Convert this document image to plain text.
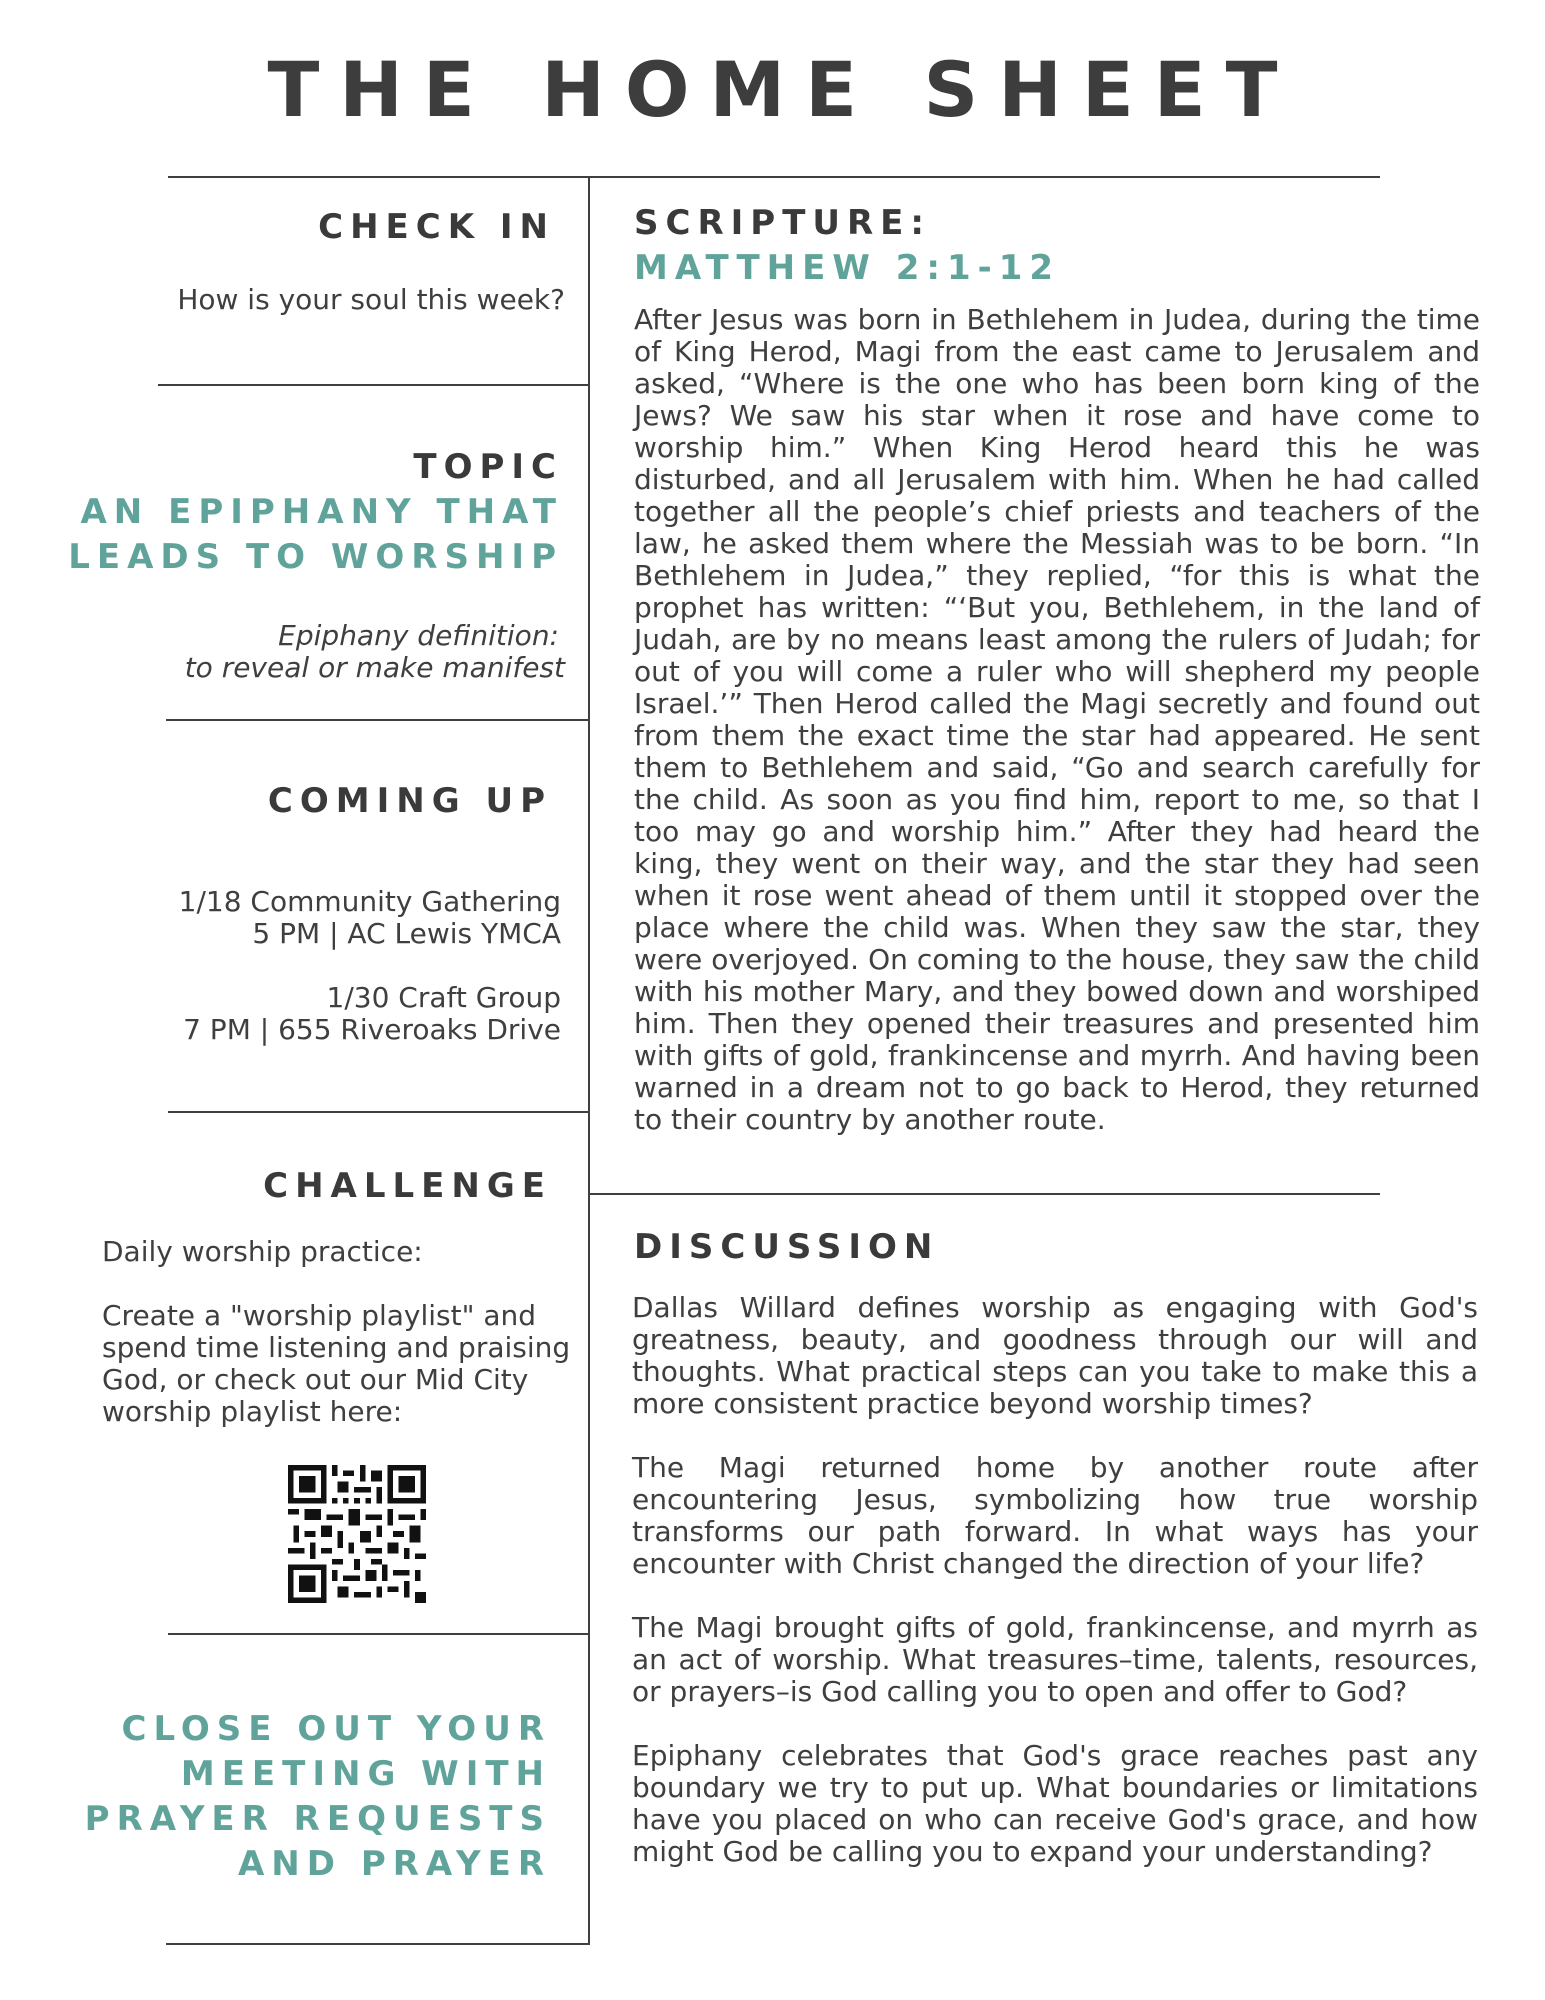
THE HOME SHEET
CHECK IN
How is your soul this week?
TOPIC
AN EPIPHANY THAT
LEADS TO WORSHIP
Epiphany definition:
to reveal or make manifest
COMING UP
1/18 Community Gathering
5 PM | AC Lewis YMCA
1/30 Craft Group
7 PM | 655 Riveroaks Drive
CHALLENGE
Daily worship practice:
Create a "worship playlist" and spend time listening and praising God, or check out our Mid City worship playlist here:
CLOSE OUT YOUR
MEETING WITH
PRAYER REQUESTS
AND PRAYER
SCRIPTURE:
MATTHEW 2:1-12
After Jesus was born in Bethlehem in Judea, during the time of King Herod, Magi from the east came to Jerusalem and asked, “Where is the one who has been born king of the Jews? We saw his star when it rose and have come to worship him.” When King Herod heard this he was disturbed, and all Jerusalem with him. When he had called together all the people’s chief priests and teachers of the law, he asked them where the Messiah was to be born. “In Bethlehem in Judea,” they replied, “for this is what the prophet has written: “‘But you, Bethlehem, in the land of Judah, are by no means least among the rulers of Judah; for out of you will come a ruler who will shepherd my people Israel.’” Then Herod called the Magi secretly and found out from them the exact time the star had appeared. He sent them to Bethlehem and said, “Go and search carefully for the child. As soon as you find him, report to me, so that I too may go and worship him.” After they had heard the king, they went on their way, and the star they had seen when it rose went ahead of them until it stopped over the place where the child was. When they saw the star, they were overjoyed. On coming to the house, they saw the child with his mother Mary, and they bowed down and worshiped him. Then they opened their treasures and presented him with gifts of gold, frankincense and myrrh. And having been warned in a dream not to go back to Herod, they returned to their country by another route.
DISCUSSION

Dallas Willard defines worship as engaging with God's greatness, beauty, and goodness through our will and thoughts. What practical steps can you take to make this a more consistent practice beyond worship times?

The Magi returned home by another route after encountering Jesus, symbolizing how true worship transforms our path forward. In what ways has your encounter with Christ changed the direction of your life?

The Magi brought gifts of gold, frankincense, and myrrh as an act of worship. What treasures–time, talents, resources, or prayers–is God calling you to open and offer to God?

Epiphany celebrates that God's grace reaches past any boundary we try to put up. What boundaries or limitations have you placed on who can receive God's grace, and how might God be calling you to expand your understanding?
